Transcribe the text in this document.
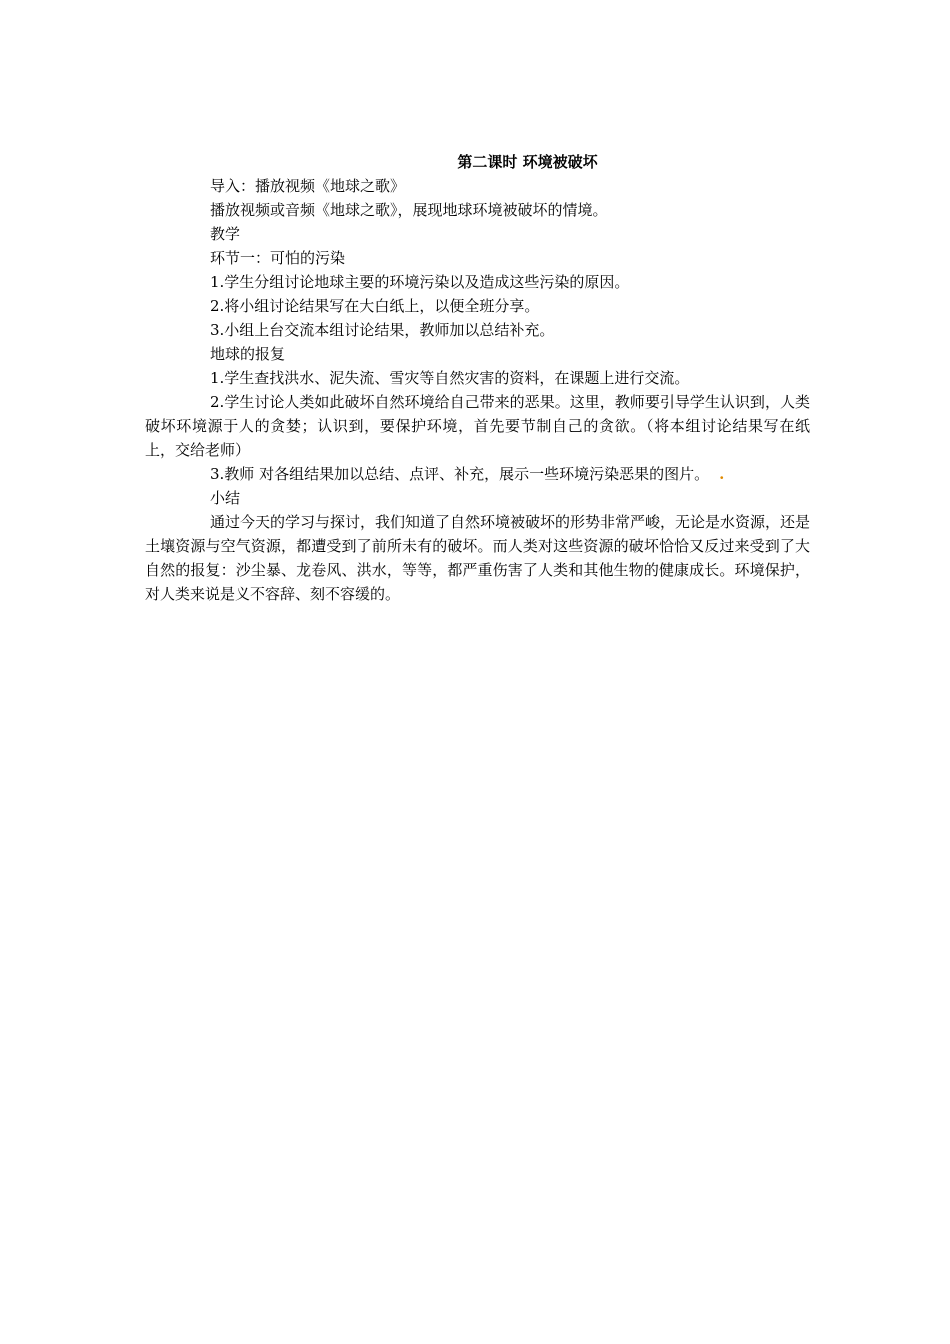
第二课时 环境被破坏

导入：播放视频《地球之歌》

播放视频或音频《地球之歌》，展现地球环境被破坏的情境。

教学

环节一：可怕的污染

1.学生分组讨论地球主要的环境污染以及造成这些污染的原因。

2.将小组讨论结果写在大白纸上，以便全班分享。

3.小组上台交流本组讨论结果，教师加以总结补充。

地球的报复

1.学生查找洪水、泥失流、雪灾等自然灾害的资料，在课题上进行交流。

2.学生讨论人类如此破坏自然环境给自己带来的恶果。这里，教师要引导学生认识到，人类破坏环境源于人的贪婪；认识到，要保护环境，首先要节制自己的贪欲。（将本组讨论结果写在纸上，交给老师）

3.教师 对各组结果加以总结、点评、补充，展示一些环境污染恶果的图片。 .

小结

通过今天的学习与探讨，我们知道了自然环境被破坏的形势非常严峻，无论是水资源，还是土壤资源与空气资源，都遭受到了前所未有的破坏。而人类对这些资源的破坏恰恰又反过来受到了大自然的报复：沙尘暴、龙卷风、洪水，等等，都严重伤害了人类和其他生物的健康成长。环境保护，对人类来说是义不容辞、刻不容缓的。
